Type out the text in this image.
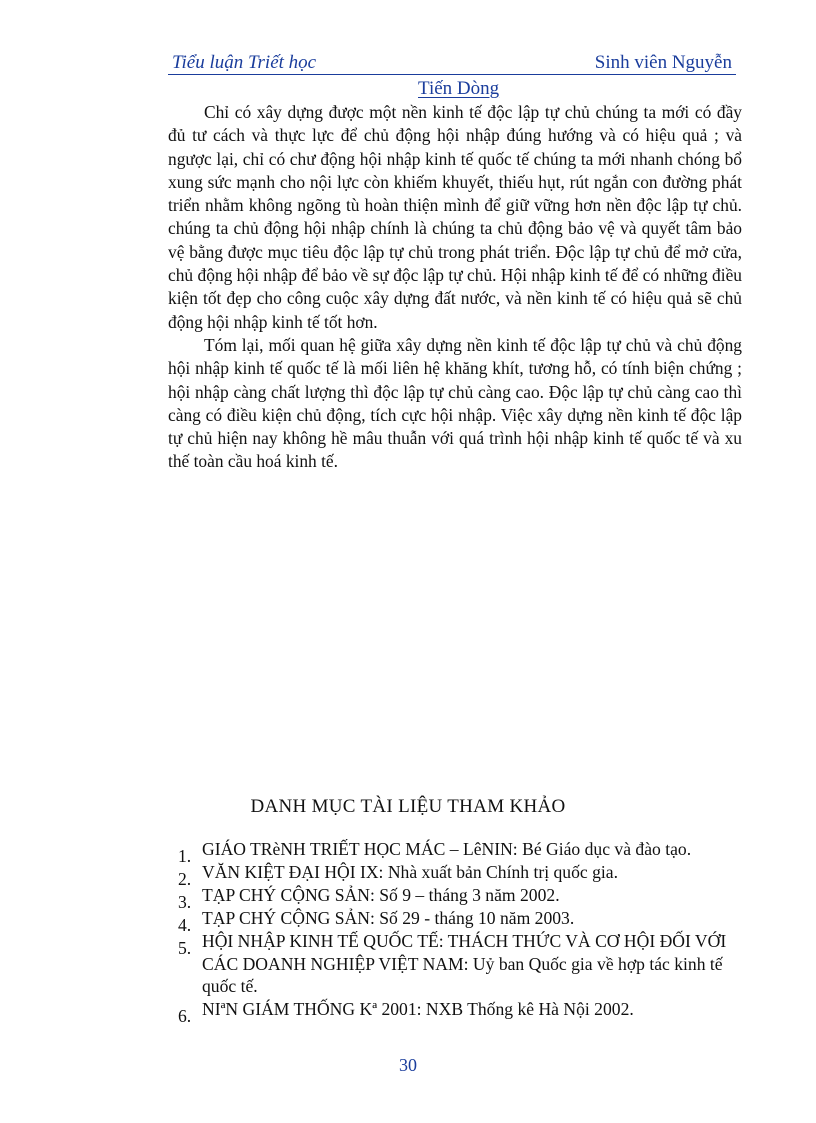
Tiểu luận Triết học	Sinh viên Nguyễn
Tiến Dòng

Chỉ có xây dựng được một nền kinh tế độc lập tự chủ chúng ta mới có đầy đủ tư cách và thực lực để chủ động hội nhập đúng hướng và có hiệu quả ; và ngược lại, chỉ có chư động hội nhập kinh tế quốc tế chúng ta mới nhanh chóng bổ xung sức mạnh cho nội lực còn khiếm khuyết, thiếu hụt, rút ngắn con đường phát triển nhằm không ngõng tù hoàn thiện mình để giữ vững hơn nền độc lập tự chủ. chúng ta chủ động hội nhập chính là chúng ta chủ động bảo vệ và quyết tâm bảo vệ bằng được mục tiêu độc lập tự chủ trong phát triển. Độc lập tự chủ để mở cửa, chủ động hội nhập để bảo về sự độc lập tự chủ. Hội nhập kinh tế để có những điều kiện tốt đẹp cho công cuộc xây dựng đất nước, và nền kinh tế có hiệu quả sẽ chủ động hội nhập kinh tế tốt hơn.

Tóm lại, mối quan hệ giữa xây dựng nền kinh tế độc lập tự chủ và chủ động hội nhập kinh tế quốc tế là mối liên hệ khăng khít, tương hỗ, có tính biện chứng ; hội nhập càng chất lượng thì độc lập tự chủ càng cao. Độc lập tự chủ càng cao thì càng có điều kiện chủ động, tích cực hội nhập. Việc xây dựng nền kinh tế độc lập tự chủ hiện nay không hề mâu thuẫn với quá trình hội nhập kinh tế quốc tế và xu thế toàn cầu hoá kinh tế.

DANH MỤC TÀI LIỆU THAM KHẢO
1. GIÁO TRèNH TRIẾT HỌC MÁC – LêNIN: Bé Giáo dục và đào tạo.
2. VĂN KIỆT ĐẠI HỘI IX: Nhà xuất bản Chính trị quốc gia.
3. TẠP CHÝ CỘNG SẢN: Số 9 – tháng 3 năm 2002.
4. TẠP CHÝ CỘNG SẢN: Số 29 - tháng 10 năm 2003.
5. HỘI NHẬP KINH TẾ QUỐC TẾ: THÁCH THỨC VÀ CƠ HỘI ĐỐI VỚI CÁC DOANH NGHIỆP VIỆT NAM: Uỷ ban Quốc gia về hợp tác kinh tế quốc tế.
6. NIªN GIÁM THỐNG Kª 2001: NXB Thống kê Hà Nội 2002.
30
